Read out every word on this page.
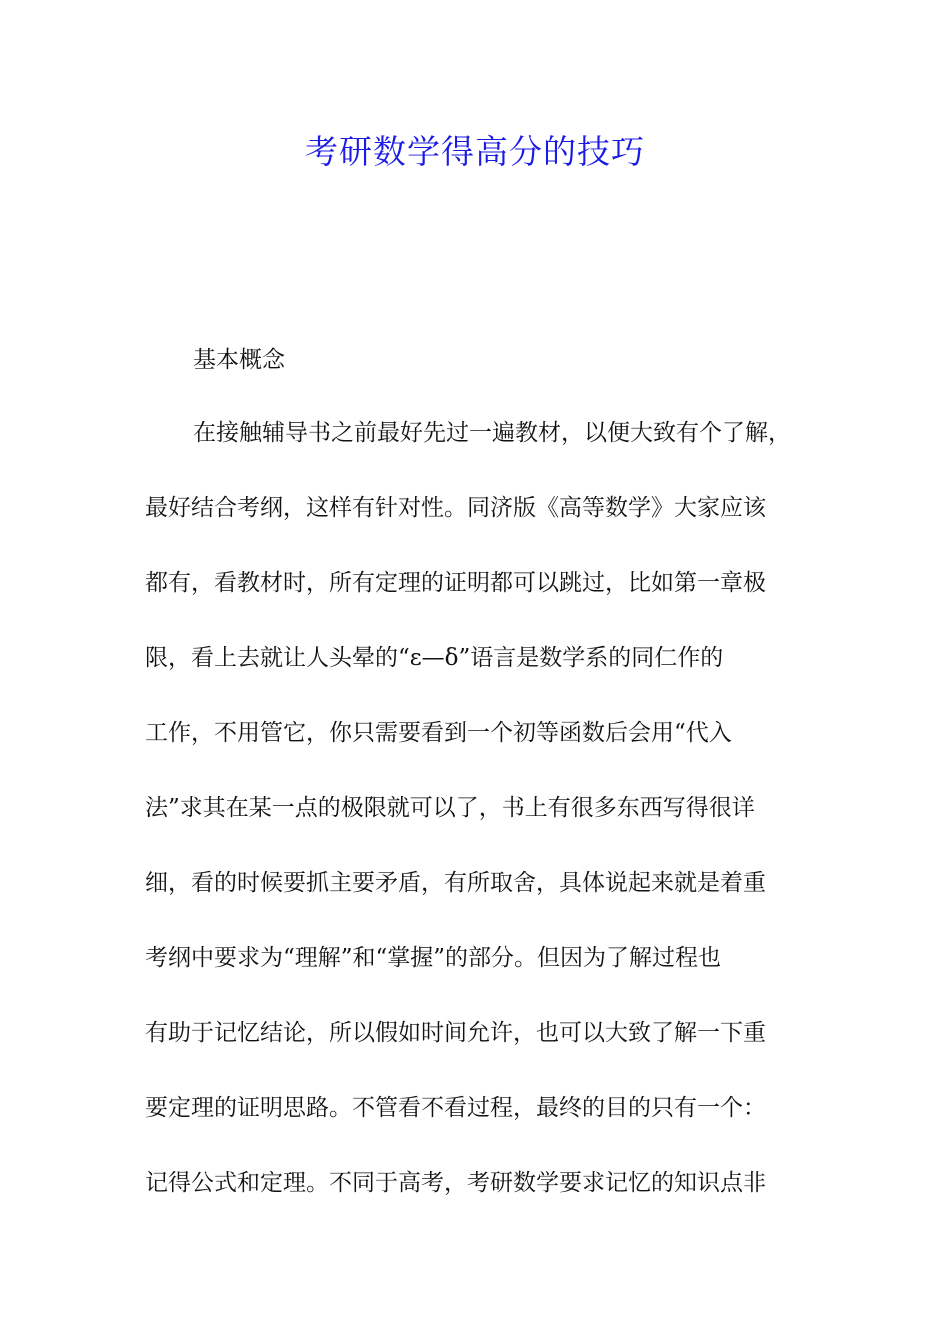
考研数学得高分的技巧
基本概念
在接触辅导书之前最好先过一遍教材，以便大致有个了解，
最好结合考纲，这样有针对性。同济版《高等数学》大家应该
都有，看教材时，所有定理的证明都可以跳过，比如第一章极
限，看上去就让人头晕的“ε—δ”语言是数学系的同仁作的
工作，不用管它，你只需要看到一个初等函数后会用“代入
法”求其在某一点的极限就可以了，书上有很多东西写得很详
细，看的时候要抓主要矛盾，有所取舍，具体说起来就是着重
考纲中要求为“理解”和“掌握”的部分。但因为了解过程也
有助于记忆结论，所以假如时间允许，也可以大致了解一下重
要定理的证明思路。不管看不看过程，最终的目的只有一个：
记得公式和定理。不同于高考，考研数学要求记忆的知识点非
